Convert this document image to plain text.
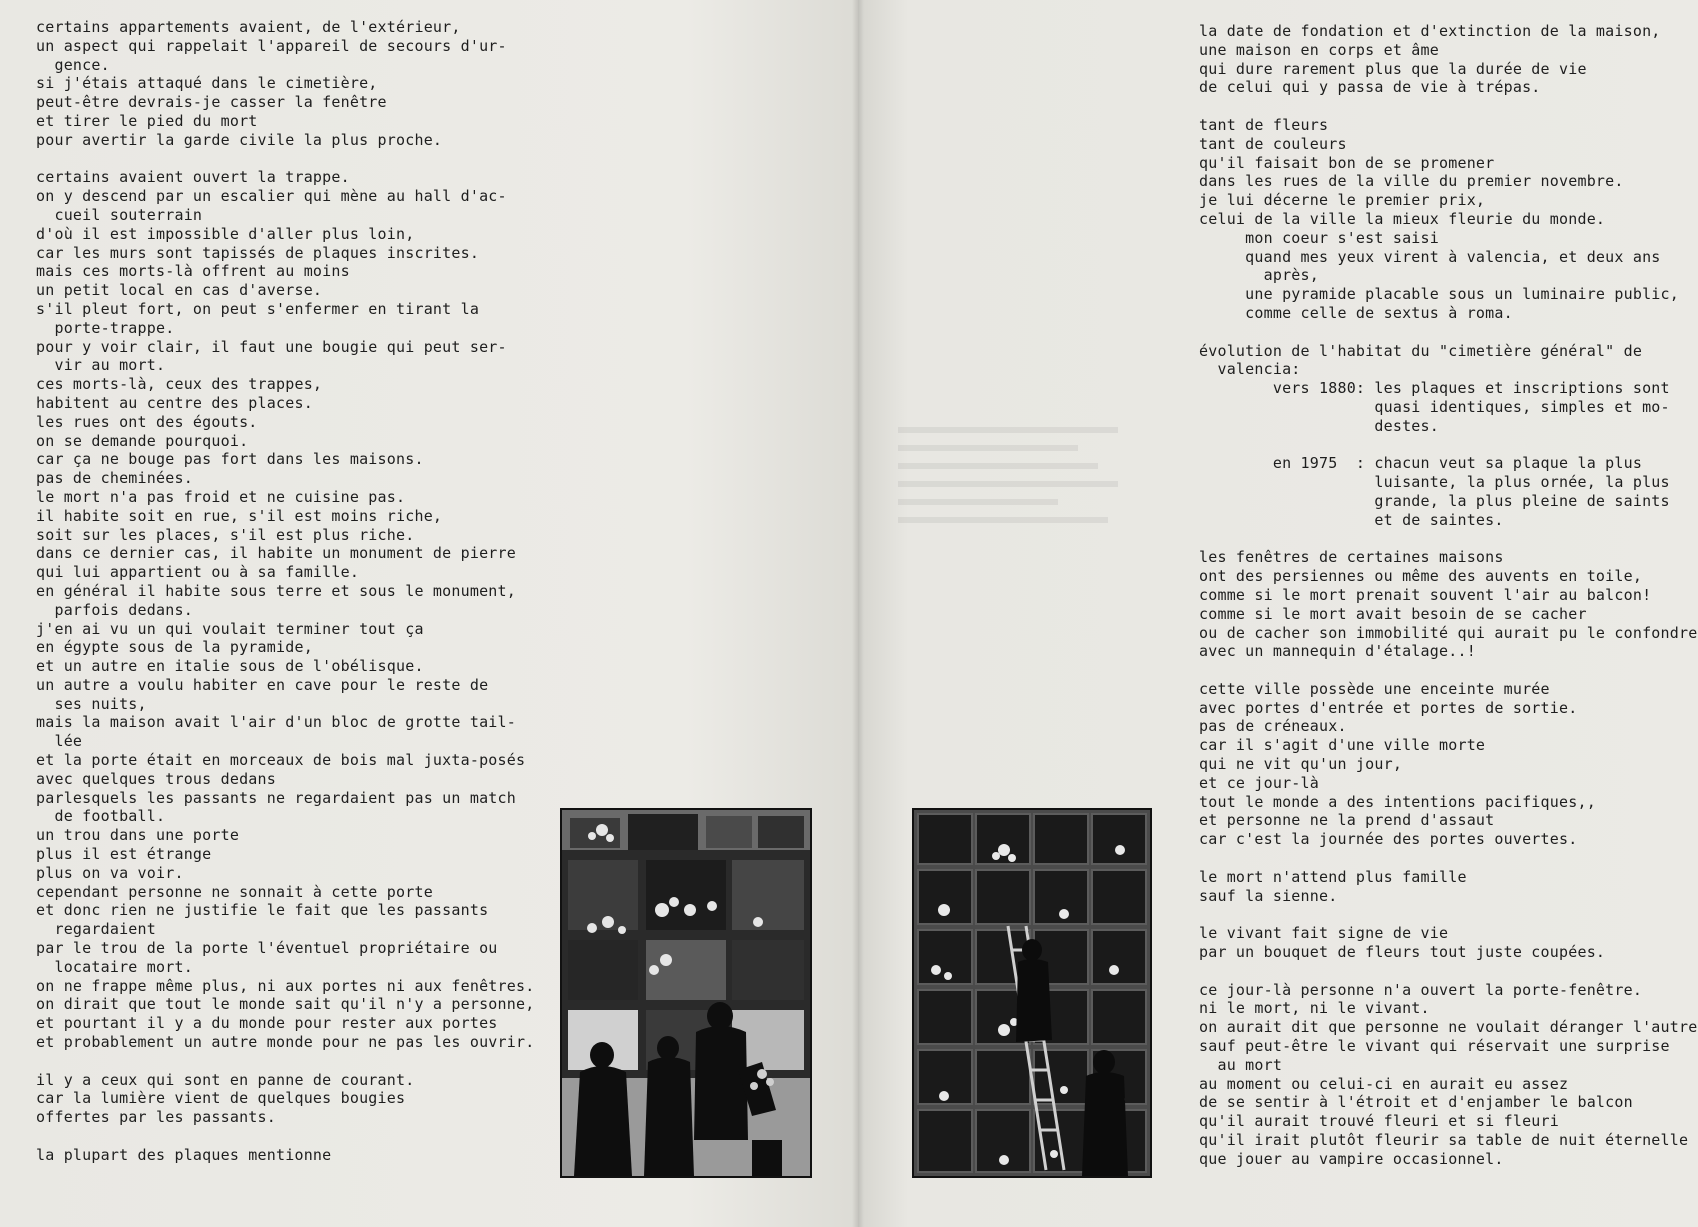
certains appartements avaient, de l'extérieur,
un aspect qui rappelait l'appareil de secours d'ur-
gence.
si j'étais attaqué dans le cimetière,
peut-être devrais-je casser la fenêtre
et tirer le pied du mort
pour avertir la garde civile la plus proche.

certains avaient ouvert la trappe.
on y descend par un escalier qui mène au hall d'ac-
cueil souterrain
d'où il est impossible d'aller plus loin,
car les murs sont tapissés de plaques inscrites.
mais ces morts-là offrent au moins
un petit local en cas d'averse.
s'il pleut fort, on peut s'enfermer en tirant la
porte-trappe.
pour y voir clair, il faut une bougie qui peut ser-
vir au mort.
ces morts-là, ceux des trappes,
habitent au centre des places.
les rues ont des égouts.
on se demande pourquoi.
car ça ne bouge pas fort dans les maisons.
pas de cheminées.
le mort n'a pas froid et ne cuisine pas.
il habite soit en rue, s'il est moins riche,
soit sur les places, s'il est plus riche.
dans ce dernier cas, il habite un monument de pierre
qui lui appartient ou à sa famille.
en général il habite sous terre et sous le monument,
parfois dedans.
j'en ai vu un qui voulait terminer tout ça
en égypte sous de la pyramide,
et un autre en italie sous de l'obélisque.
un autre a voulu habiter en cave pour le reste de
ses nuits,
mais la maison avait l'air d'un bloc de grotte tail-
lée
et la porte était en morceaux de bois mal juxta-posés
avec quelques trous dedans
parlesquels les passants ne regardaient pas un match
de football.
un trou dans une porte
plus il est étrange
plus on va voir.
cependant personne ne sonnait à cette porte
et donc rien ne justifie le fait que les passants
regardaient
par le trou de la porte l'éventuel propriétaire ou
locataire mort.
on ne frappe même plus, ni aux portes ni aux fenêtres.
on dirait que tout le monde sait qu'il n'y a personne,
et pourtant il y a du monde pour rester aux portes
et probablement un autre monde pour ne pas les ouvrir.

il y a ceux qui sont en panne de courant.
car la lumière vient de quelques bougies
offertes par les passants.

la plupart des plaques mentionne

la date de fondation et d'extinction de la maison,
une maison en corps et âme
qui dure rarement plus que la durée de vie
de celui qui y passa de vie à trépas.

tant de fleurs
tant de couleurs
qu'il faisait bon de se promener
dans les rues de la ville du premier novembre.
je lui décerne le premier prix,
celui de la ville la mieux fleurie du monde.
mon coeur s'est saisi
quand mes yeux virent à valencia, et deux ans
après,
une pyramide placable sous un luminaire public,
comme celle de sextus à roma.

évolution de l'habitat du "cimetière général" de
valencia:
vers 1880: les plaques et inscriptions sont
quasi identiques, simples et mo-
destes.

en 1975  : chacun veut sa plaque la plus
luisante, la plus ornée, la plus
grande, la plus pleine de saints
et de saintes.

les fenêtres de certaines maisons
ont des persiennes ou même des auvents en toile,
comme si le mort prenait souvent l'air au balcon!
comme si le mort avait besoin de se cacher
ou de cacher son immobilité qui aurait pu le confondre
avec un mannequin d'étalage..!

cette ville possède une enceinte murée
avec portes d'entrée et portes de sortie.
pas de créneaux.
car il s'agit d'une ville morte
qui ne vit qu'un jour,
et ce jour-là
tout le monde a des intentions pacifiques,,
et personne ne la prend d'assaut
car c'est la journée des portes ouvertes.

le mort n'attend plus famille
sauf la sienne.

le vivant fait signe de vie
par un bouquet de fleurs tout juste coupées.

ce jour-là personne n'a ouvert la porte-fenêtre.
ni le mort, ni le vivant.
on aurait dit que personne ne voulait déranger l'autre
sauf peut-être le vivant qui réservait une surprise
au mort
au moment ou celui-ci en aurait eu assez
de se sentir à l'étroit et d'enjamber le balcon
qu'il aurait trouvé fleuri et si fleuri
qu'il irait plutôt fleurir sa table de nuit éternelle
que jouer au vampire occasionnel.
